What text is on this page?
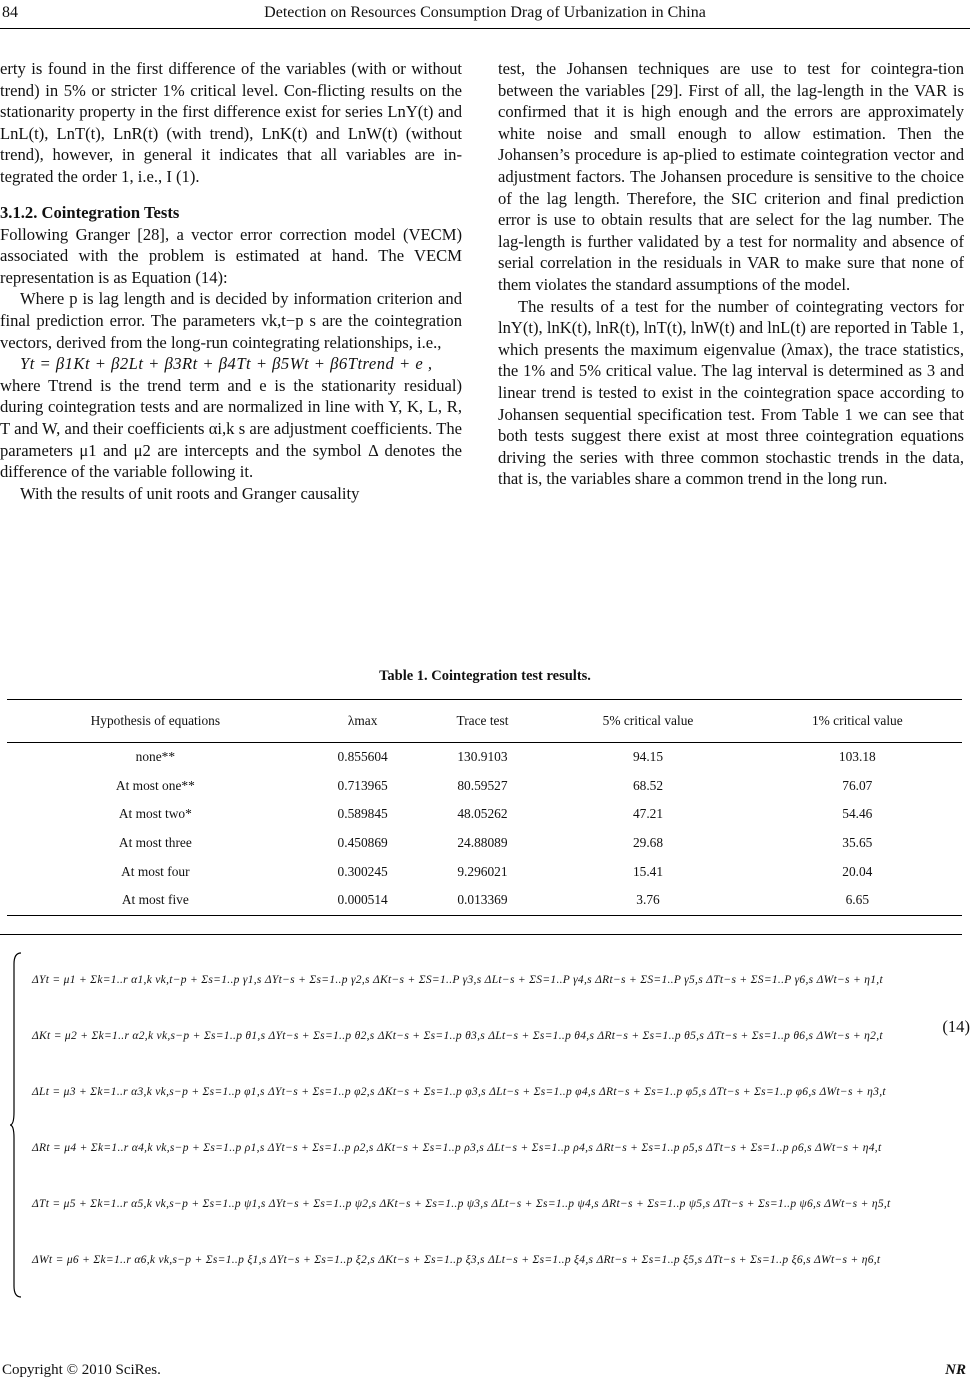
84	Detection on Resources Consumption Drag of Urbanization in China

erty is found in the first difference of the variables (with or without trend) in 5% or stricter 1% critical level. Con-flicting results on the stationarity property in the first difference exist for series LnY(t) and LnL(t), LnT(t), LnR(t) (with trend), LnK(t) and LnW(t) (without trend), however, in general it indicates that all variables are in-tegrated the order 1, i.e., I (1).

3.1.2. Cointegration Tests

Following Granger [28], a vector error correction model (VECM) associated with the problem is estimated at hand. The VECM representation is as Equation (14):

Where p is lag length and is decided by information criterion and final prediction error. The parameters νk,t−p s are the cointegration vectors, derived from the long-run cointegrating relationships, i.e.,

Yt = β1Kt + β2Lt + β3Rt + β4Tt + β5Wt + β6Ttrend + e ,

where Ttrend is the trend term and e is the stationarity residual) during cointegration tests and are normalized in line with Y, K, L, R, T and W, and their coefficients αi,k s are adjustment coefficients. The parameters μ1 and μ2 are intercepts and the symbol Δ denotes the difference of the variable following it.

With the results of unit roots and Granger causality

test, the Johansen techniques are use to test for cointegra-tion between the variables [29]. First of all, the lag-length in the VAR is confirmed that it is high enough and the errors are approximately white noise and small enough to allow estimation. Then the Johansen’s procedure is ap-plied to estimate cointegration vector and adjustment factors. The Johansen procedure is sensitive to the choice of the lag length. Therefore, the SIC criterion and final prediction error is use to obtain results that are select for the lag number. The lag-length is further validated by a test for normality and absence of serial correlation in the residuals in VAR to make sure that none of them violates the standard assumptions of the model.

The results of a test for the number of cointegrating vectors for lnY(t), lnK(t), lnR(t), lnT(t), lnW(t) and lnL(t) are reported in Table 1, which presents the maximum eigenvalue (λmax), the trace statistics, the 1% and 5% critical value. The lag interval is determined as 3 and linear trend is tested to exist in the cointegration space according to Johansen sequential specification test. From Table 1 we can see that both tests suggest there exist at most three cointegration equations driving the series with three common stochastic trends in the data, that is, the variables share a common trend in the long run.

Table 1. Cointegration test results.
Hypothesis of equations	λmax	Trace test	5% critical value	1% critical value
none**	0.855604	130.9103	94.15	103.18
At most one**	0.713965	80.59527	68.52	76.07
At most two*	0.589845	48.05262	47.21	54.46
At most three	0.450869	24.88089	29.68	35.65
At most four	0.300245	9.296021	15.41	20.04
At most five	0.000514	0.013369	3.76	6.65
ΔYt = μ1 + Σk=1..r α1,k νk,t−p + Σs=1..p γ1,s ΔYt−s + Σs=1..p γ2,s ΔKt−s + ΣS=1..P γ3,s ΔLt−s + ΣS=1..P γ4,s ΔRt−s + ΣS=1..P γ5,s ΔTt−s + ΣS=1..P γ6,s ΔWt−s + η1,t
ΔKt = μ2 + Σk=1..r α2,k νk,s−p + Σs=1..p θ1,s ΔYt−s + Σs=1..p θ2,s ΔKt−s + Σs=1..p θ3,s ΔLt−s + Σs=1..p θ4,s ΔRt−s + Σs=1..p θ5,s ΔTt−s + Σs=1..p θ6,s ΔWt−s + η2,t
ΔLt = μ3 + Σk=1..r α3,k νk,s−p + Σs=1..p φ1,s ΔYt−s + Σs=1..p φ2,s ΔKt−s + Σs=1..p φ3,s ΔLt−s + Σs=1..p φ4,s ΔRt−s + Σs=1..p φ5,s ΔTt−s + Σs=1..p φ6,s ΔWt−s + η3,t
ΔRt = μ4 + Σk=1..r α4,k νk,s−p + Σs=1..p ρ1,s ΔYt−s + Σs=1..p ρ2,s ΔKt−s + Σs=1..p ρ3,s ΔLt−s + Σs=1..p ρ4,s ΔRt−s + Σs=1..p ρ5,s ΔTt−s + Σs=1..p ρ6,s ΔWt−s + η4,t
ΔTt = μ5 + Σk=1..r α5,k νk,s−p + Σs=1..p ψ1,s ΔYt−s + Σs=1..p ψ2,s ΔKt−s + Σs=1..p ψ3,s ΔLt−s + Σs=1..p ψ4,s ΔRt−s + Σs=1..p ψ5,s ΔTt−s + Σs=1..p ψ6,s ΔWt−s + η5,t
ΔWt = μ6 + Σk=1..r α6,k νk,s−p + Σs=1..p ξ1,s ΔYt−s + Σs=1..p ξ2,s ΔKt−s + Σs=1..p ξ3,s ΔLt−s + Σs=1..p ξ4,s ΔRt−s + Σs=1..p ξ5,s ΔTt−s + Σs=1..p ξ6,s ΔWt−s + η6,t
(14)
Copyright © 2010 SciRes.	NR
